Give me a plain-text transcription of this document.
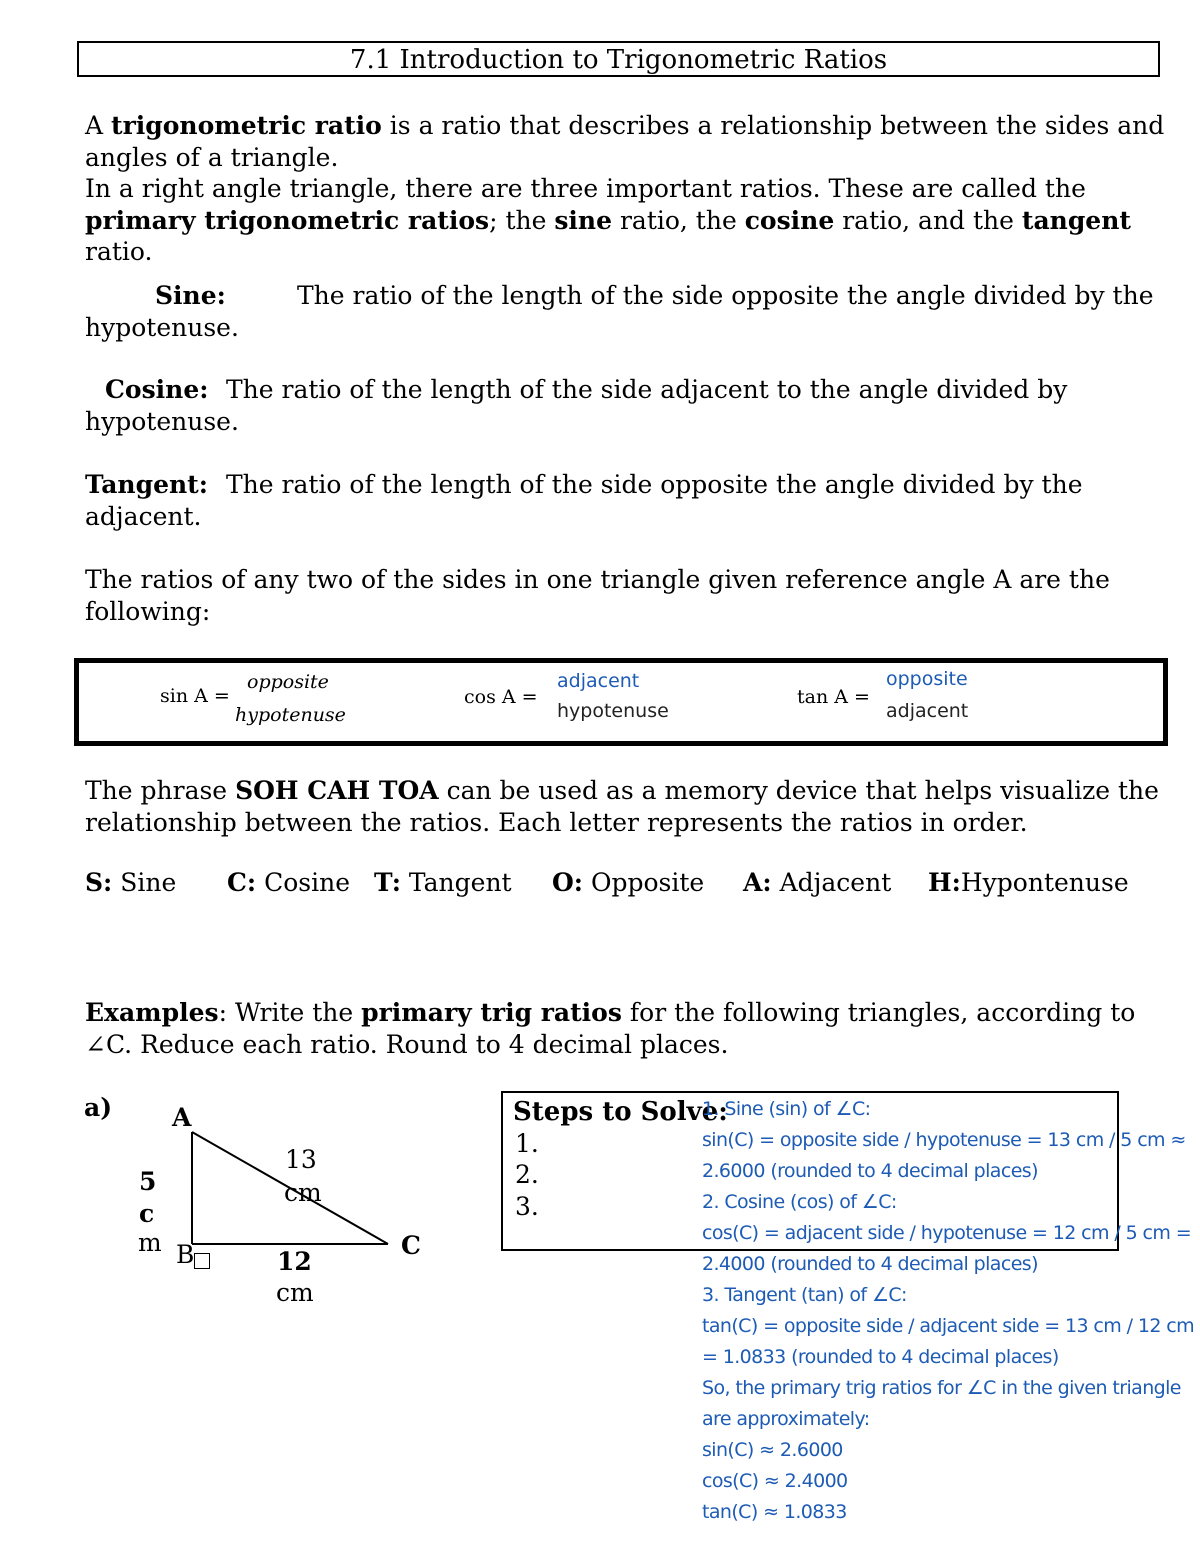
7.1 Introduction to Trigonometric Ratios
A trigonometric ratio is a ratio that describes a relationship between the sides and angles of a triangle.
In a right angle triangle, there are three important ratios. These are called the primary trigonometric ratios; the sine ratio, the cosine ratio, and the tangent ratio.
Sine:	The ratio of the length of the side opposite the angle divided by the hypotenuse.
Cosine: The ratio of the length of the side adjacent to the angle divided by hypotenuse.
Tangent: The ratio of the length of the side opposite the angle divided by the adjacent.
The ratios of any two of the sides in one triangle given reference angle A are the following:
sin A =
opposite
hypotenuse
cos A =
adjacent
hypotenuse
tan A =
opposite
adjacent
The phrase SOH CAH TOA can be used as a memory device that helps visualize the relationship between the ratios. Each letter represents the ratios in order.
S: Sine C: Cosine T: Tangent O: Opposite A: Adjacent H:Hypontenuse
Examples: Write the primary trig ratios for the following triangles, according to ∠C. Reduce each ratio. Round to 4 decimal places.
a) A
B	C
13
cm
5
c
m
12
cm
Steps to Solve:
1.
2.
3.
1. Sine (sin) of ∠C:
sin(C) = opposite side / hypotenuse = 13 cm / 5 cm ≈
2.6000 (rounded to 4 decimal places)
2. Cosine (cos) of ∠C:
cos(C) = adjacent side / hypotenuse = 12 cm / 5 cm =
2.4000 (rounded to 4 decimal places)
3. Tangent (tan) of ∠C:
tan(C) = opposite side / adjacent side = 13 cm / 12 cm
= 1.0833 (rounded to 4 decimal places)
So, the primary trig ratios for ∠C in the given triangle
are approximately:
sin(C) ≈ 2.6000
cos(C) ≈ 2.4000
tan(C) ≈ 1.0833
